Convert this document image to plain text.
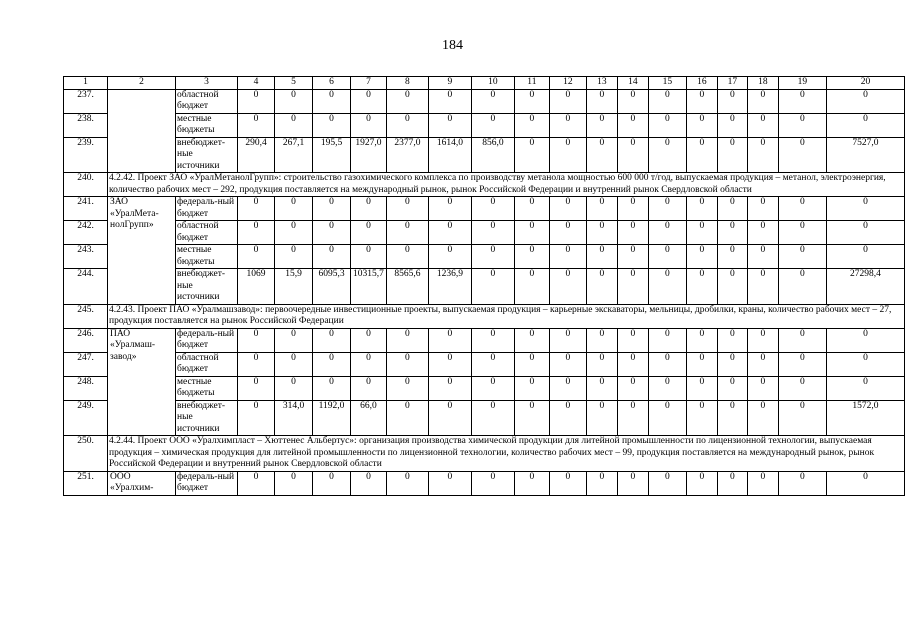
184
1	2	3	4	5	6	7	8	9	10	11	12	13	14	15	16	17	18	19	20
237.		областной бюджет	0	0	0	0	0	0	0	0	0	0	0	0	0	0	0	0	0
238.		местные бюджеты	0	0	0	0	0	0	0	0	0	0	0	0	0	0	0	0	0
239.		внебюджет-ные источники	290,4	267,1	195,5	1927,0	2377,0	1614,0	856,0	0	0	0	0	0	0	0	0	0	7527,0
240.	4.2.42. Проект ЗАО «УралМетанолГрупп»: строительство газохимического комплекса по производству метанола мощностью 600 000 т/год, выпускаемая продукция – метанол, электроэнергия, количество рабочих мест – 292, продукция поставляется на международный рынок, рынок Российской Федерации и внутренний рынок Свердловской области																		
241.	ЗАО «УралМета-нолГрупп»	федераль-ный бюджет	0	0	0	0	0	0	0	0	0	0	0	0	0	0	0	0	0
242.		областной бюджет	0	0	0	0	0	0	0	0	0	0	0	0	0	0	0	0	0
243.		местные бюджеты	0	0	0	0	0	0	0	0	0	0	0	0	0	0	0	0	0
244.		внебюджет-ные источники	1069	15,9	6095,3	10315,7	8565,6	1236,9	0	0	0	0	0	0	0	0	0	0	27298,4
245.	4.2.43. Проект ПАО «Уралмашзавод»: первоочередные инвестиционные проекты, выпускаемая продукция – карьерные экскаваторы, мельницы, дробилки, краны, количество рабочих мест – 27, продукция поставляется на рынок Российской Федерации																		
246.	ПАО «Уралмаш-завод»	федераль-ный бюджет	0	0	0	0	0	0	0	0	0	0	0	0	0	0	0	0	0
247.		областной бюджет	0	0	0	0	0	0	0	0	0	0	0	0	0	0	0	0	0
248.		местные бюджеты	0	0	0	0	0	0	0	0	0	0	0	0	0	0	0	0	0
249.		внебюджет-ные источники	0	314,0	1192,0	66,0	0	0	0	0	0	0	0	0	0	0	0	0	1572,0
250.	4.2.44. Проект ООО «Уралхимпласт – Хюттенес Альбертус»: организация производства химической продукции для литейной промышленности по лицензионной технологии, выпускаемая продукция – химическая продукция для литейной промышленности по лицензионной технологии, количество рабочих мест – 99, продукция поставляется на международный рынок, рынок Российской Федерации и внутренний рынок Свердловской области																		
251.	ООО «Уралхим-	федераль-ный бюджет	0	0	0	0	0	0	0	0	0	0	0	0	0	0	0	0	0
